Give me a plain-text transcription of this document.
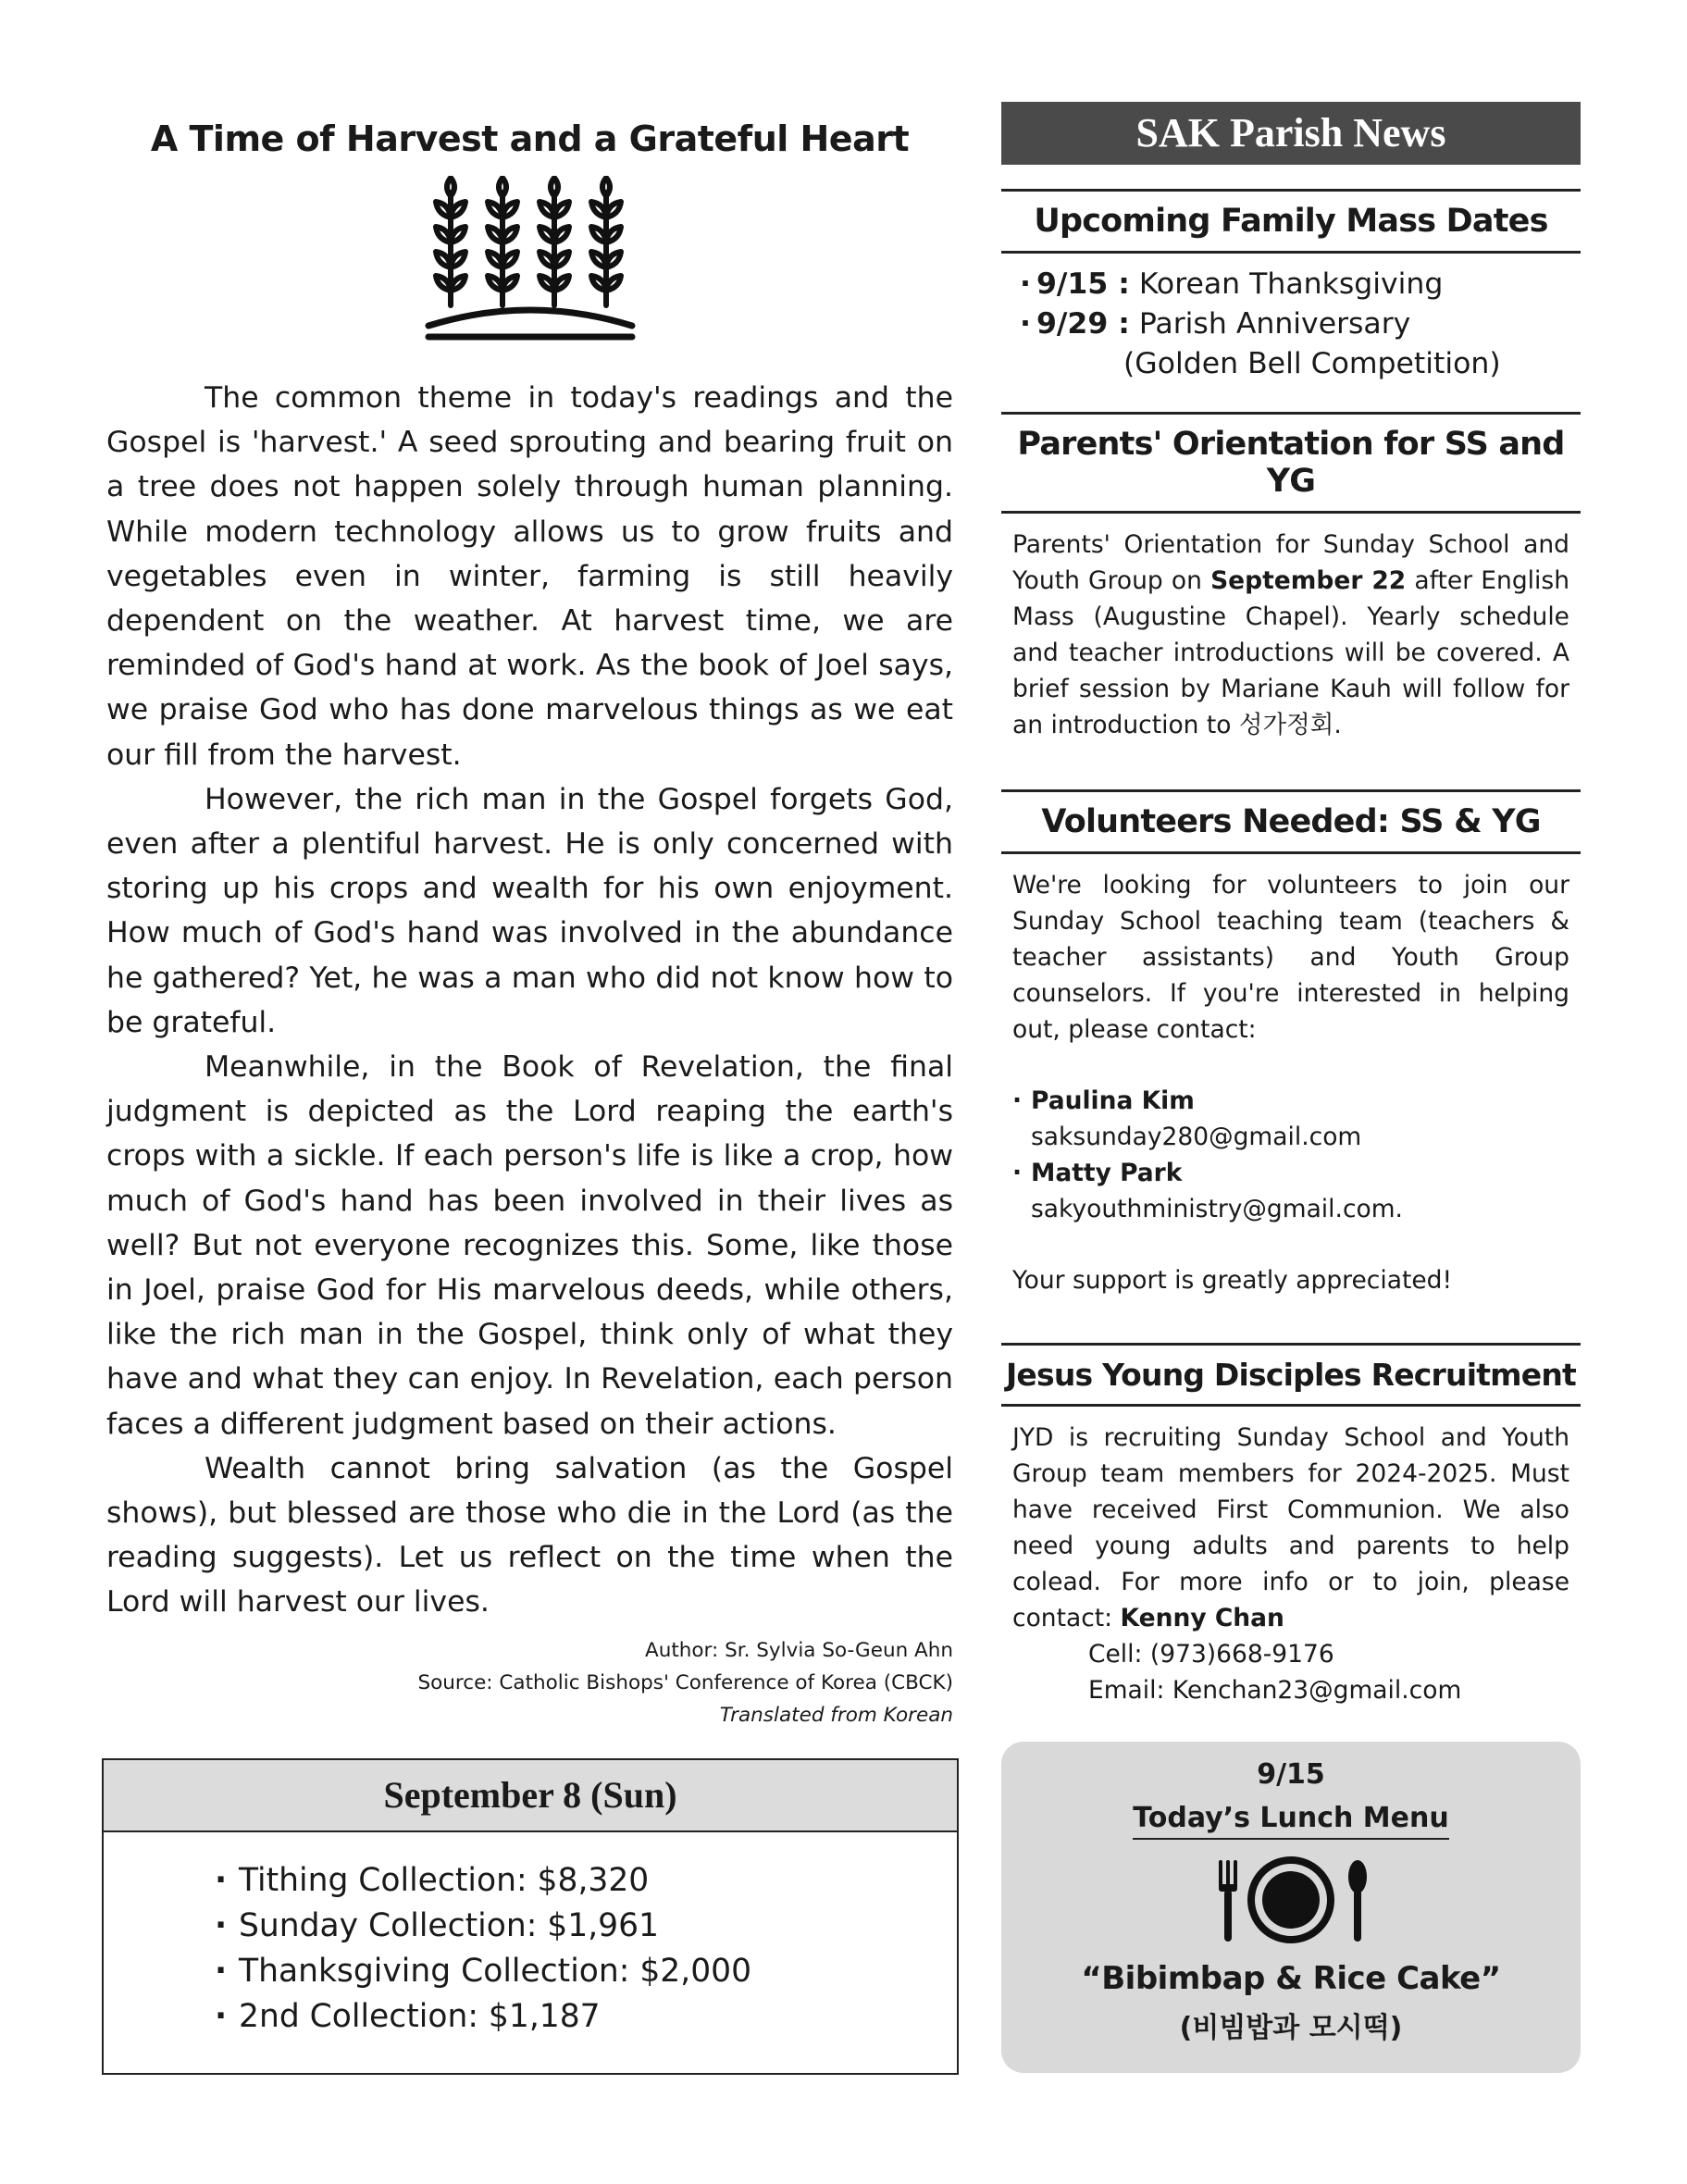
A Time of Harvest and a Grateful Heart

The common theme in today's readings and the Gospel is 'harvest.' A seed sprouting and bearing fruit on a tree does not happen solely through human planning. While modern technology allows us to grow fruits and vegetables even in winter, farming is still heavily dependent on the weather. At harvest time, we are reminded of God's hand at work. As the book of Joel says, we praise God who has done marvelous things as we eat our fill from the harvest.

However, the rich man in the Gospel forgets God, even after a plentiful harvest. He is only concerned with storing up his crops and wealth for his own enjoyment. How much of God's hand was involved in the abundance he gathered? Yet, he was a man who did not know how to be grateful.

Meanwhile, in the Book of Revelation, the final judgment is depicted as the Lord reaping the earth's crops with a sickle. If each person's life is like a crop, how much of God's hand has been involved in their lives as well? But not everyone recognizes this. Some, like those in Joel, praise God for His marvelous deeds, while others, like the rich man in the Gospel, think only of what they have and what they can enjoy. In Revelation, each person faces a different judgment based on their actions.

Wealth cannot bring salvation (as the Gospel shows), but blessed are those who die in the Lord (as the reading suggests). Let us reflect on the time when the Lord will harvest our lives.

Author: Sr. Sylvia So-Geun Ahn
Source: Catholic Bishops' Conference of Korea (CBCK)
Translated from Korean
September 8 (Sun)
· Tithing Collection: $8,320
· Sunday Collection: $1,961
· Thanksgiving Collection: $2,000
· 2nd Collection: $1,187
SAK Parish News
Upcoming Family Mass Dates
· 9/15 : Korean Thanksgiving
· 9/29 : Parish Anniversary
(Golden Bell Competition)
Parents' Orientation for SS and YG
Parents' Orientation for Sunday School and Youth Group on September 22 after English Mass (Augustine Chapel). Yearly schedule and teacher introductions will be covered. A brief session by Mariane Kauh will follow for an introduction to 성가정회.
Volunteers Needed: SS & YG
We're looking for volunteers to join our Sunday School teaching team (teachers & teacher assistants) and Youth Group counselors. If you're interested in helping out, please contact:
· Paulina Kim
saksunday280@gmail.com
· Matty Park
sakyouthministry@gmail.com.
Your support is greatly appreciated!
Jesus Young Disciples Recruitment
JYD is recruiting Sunday School and Youth Group team members for 2024-2025. Must have received First Communion. We also need young adults and parents to help colead. For more info or to join, please contact: Kenny Chan
Cell: (973)668-9176
Email: Kenchan23@gmail.com
9/15
Today’s Lunch Menu
“Bibimbap & Rice Cake”
(비빔밥과 모시떡)
